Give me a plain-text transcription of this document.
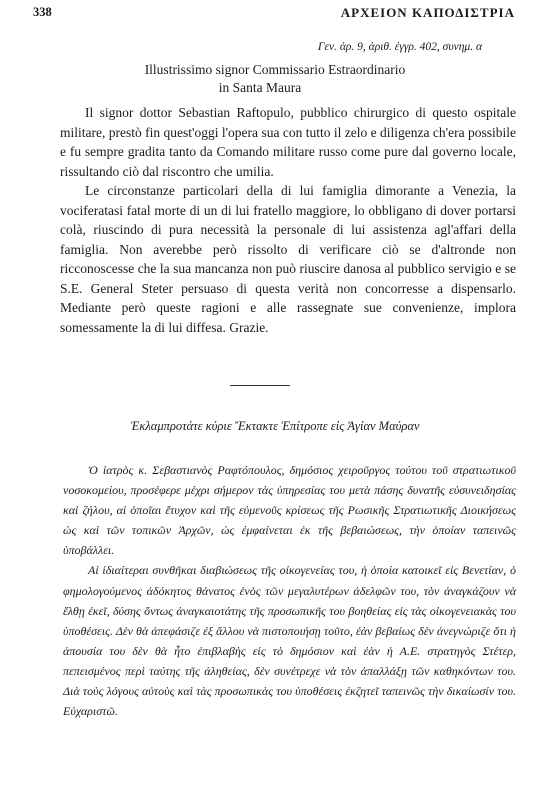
338	ΑΡΧΕΙΟΝ ΚΑΠΟΔΙΣΤΡΙΑ
Γεν. ἀρ. 9, ἀριθ. ἐγγρ. 402, συνημ. α
Illustrissimo signor Commissario Estraordinario
in Santa Maura

Il signor dottor Sebastian Raftopulo, pubblico chirurgico di questo ospitale militare, prestò fin quest'oggi l'opera sua con tutto il zelo e diligenza ch'era possibile e fu sempre gradita tanto da Comando militare russo come pure dal governo locale, rissultando ciò dal riscontro che umilia.

Le circonstanze particolari della di lui famiglia dimorante a Venezia, la vociferatasi fatal morte di un di lui fratello maggiore, lo obbligano di dover portarsi colà, riuscindo di pura necessità la personale di lui assistenza agl'affari della famiglia. Non averebbe però rissolto di verificare ciò se d'altronde non ricconoscesse che la sua mancanza non può riuscire danosa al pubblico servigio e se S.E. General Steter persuaso di questa verità non concorresse a dispensarlo. Mediante però queste ragioni e alle rassegnate sue convenienze, implora somessamente la di lui diffesa. Grazie.

Ἐκλαμπροτάτε κύριε Ἔκτακτε Ἐπίτροπε εἰς Ἁγίαν Μαύραν

Ὁ ἰατρὸς κ. Σεβαστιανὸς Ραφτόπουλος, δημόσιος χειροῦργος τούτου τοῦ στρατιωτικοῦ νοσοκομείου, προσέφερε μέχρι σήμερον τὰς ὑπηρεσίας του μετὰ πάσης δυνατῆς εὐσυνειδησίας καὶ ζήλου, αἱ ὁποῖαι ἔτυχον καὶ τῆς εὐμενοῦς κρίσεως τῆς Ρωσικῆς Στρατιωτικῆς Διοικήσεως ὡς καὶ τῶν τοπικῶν Ἀρχῶν, ὡς ἐμφαίνεται ἐκ τῆς βεβαιώσεως, τὴν ὁποίαν ταπεινῶς ὑποβάλλει.

Αἱ ἰδιαίτεραι συνθῆκαι διαβιώσεως τῆς οἰκογενείας του, ἡ ὁποία κατοικεῖ εἰς Βενετίαν, ὁ φημολογούμενος ἀδόκητος θάνατος ἑνὸς τῶν μεγαλυτέρων ἀδελφῶν του, τὸν ἀναγκάζουν νὰ ἔλθῃ ἐκεῖ, δύσης ὄντως ἀναγκαιοτάτης τῆς προσωπικῆς του βοηθείας εἰς τὰς οἰκογενειακὰς του ὑποθέσεις. Δὲν θὰ ἀπεφάσιζε ἐξ ἄλλου νὰ πιστοποιήσῃ τοῦτο, ἐὰν βεβαίως δὲν ἀνεγνώριζε ὅτι ἡ ἀπουσία του δὲν θὰ ἦτο ἐπιβλαβὴς εἰς τὸ δημόσιον καὶ ἐὰν ἡ Α.Ε. στρατηγὸς Στέτερ, πεπεισμένος περὶ ταύτης τῆς ἀληθείας, δὲν συνέτρεχε νὰ τὸν ἀπαλλάξῃ τῶν καθηκόντων του. Διὰ τοὺς λόγους αὐτοὺς καὶ τὰς προσωπικὰς του ὑποθέσεις ἐκζητεῖ ταπεινῶς τὴν δικαίωσίν του. Εὐχαριστῶ.
